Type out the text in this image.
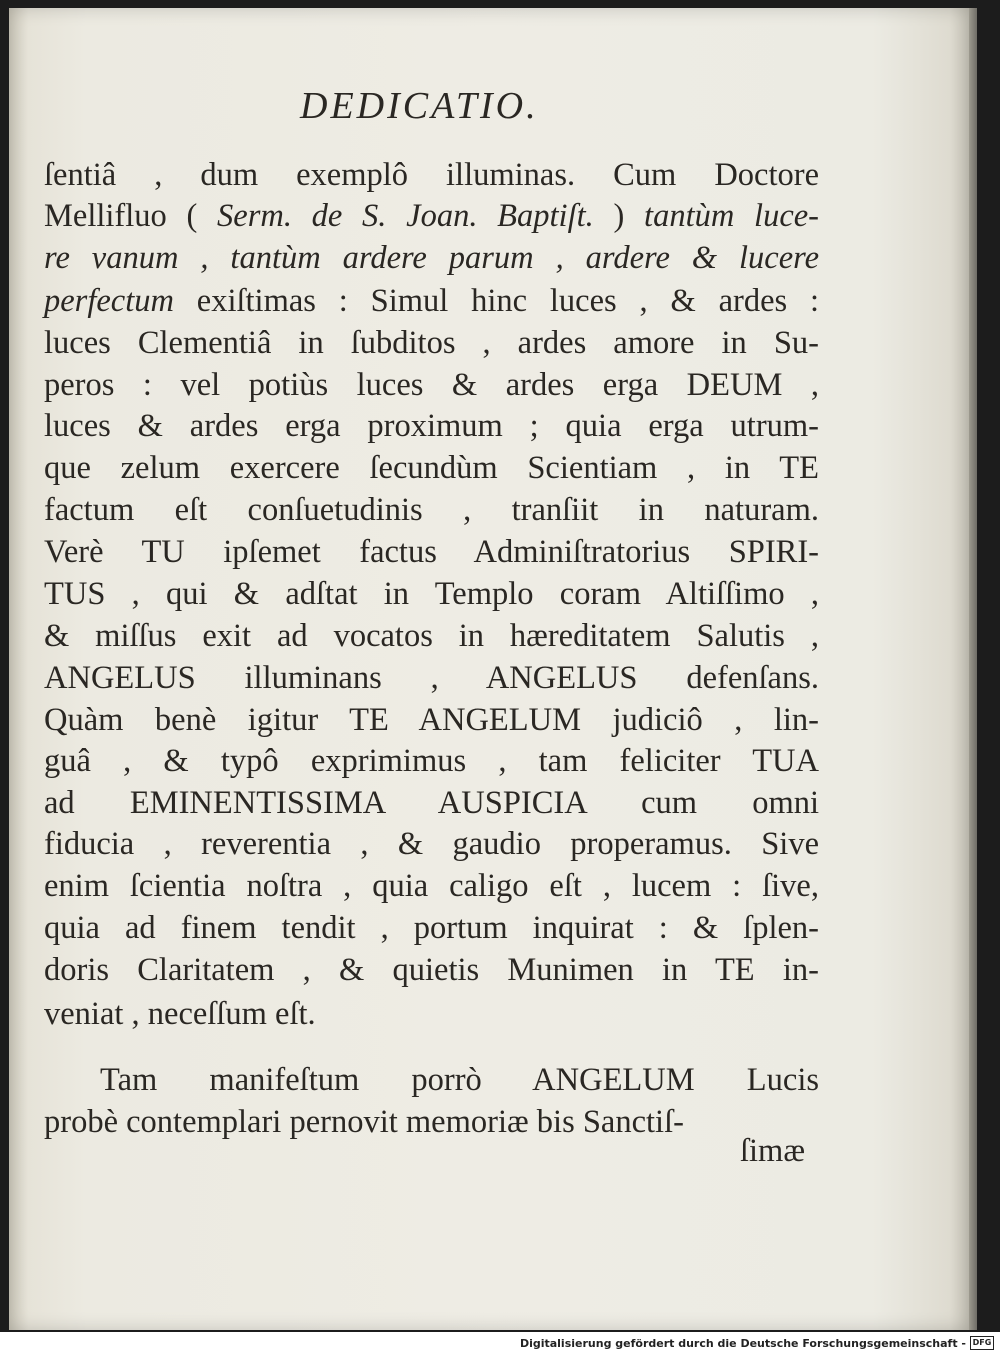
DEDICATIO.
ſentiâ , dum exemplô illuminas. Cum Doctore
Mellifluo ( Serm. de S. Joan. Baptiſt. ) tantùm luce-
re vanum , tantùm ardere parum , ardere & lucere
perfectum exiſtimas : Simul hinc luces , & ardes :
luces Clementiâ in ſubditos , ardes amore in Su-
peros : vel potiùs luces & ardes erga DEUM ,
luces & ardes erga proximum ; quia erga utrum-
que zelum exercere ſecundùm Scientiam , in TE
factum eſt conſuetudinis , tranſiit in naturam.
Verè TU ipſemet factus Adminiſtratorius SPIRI-
TUS , qui & adſtat in Templo coram Altiſſimo ,
& miſſus exit ad vocatos in hæreditatem Salutis ,
ANGELUS illuminans , ANGELUS defenſans.
Quàm benè igitur TE ANGELUM judiciô , lin-
guâ , & typô exprimimus , tam feliciter TUA
ad EMINENTISSIMA AUSPICIA cum omni
fiducia , reverentia , & gaudio properamus. Sive
enim ſcientia noſtra , quia caligo eſt , lucem : ſive,
quia ad finem tendit , portum inquirat : & ſplen-
doris Claritatem , & quietis Munimen in TE in-
veniat , neceſſum eſt.
Tam manifeſtum porrò ANGELUM Lucis
probè contemplari pernovit memoriæ bis Sanctiſ-
ſimæ
Digitalisierung gefördert durch die Deutsche Forschungsgemeinschaft - DFG
